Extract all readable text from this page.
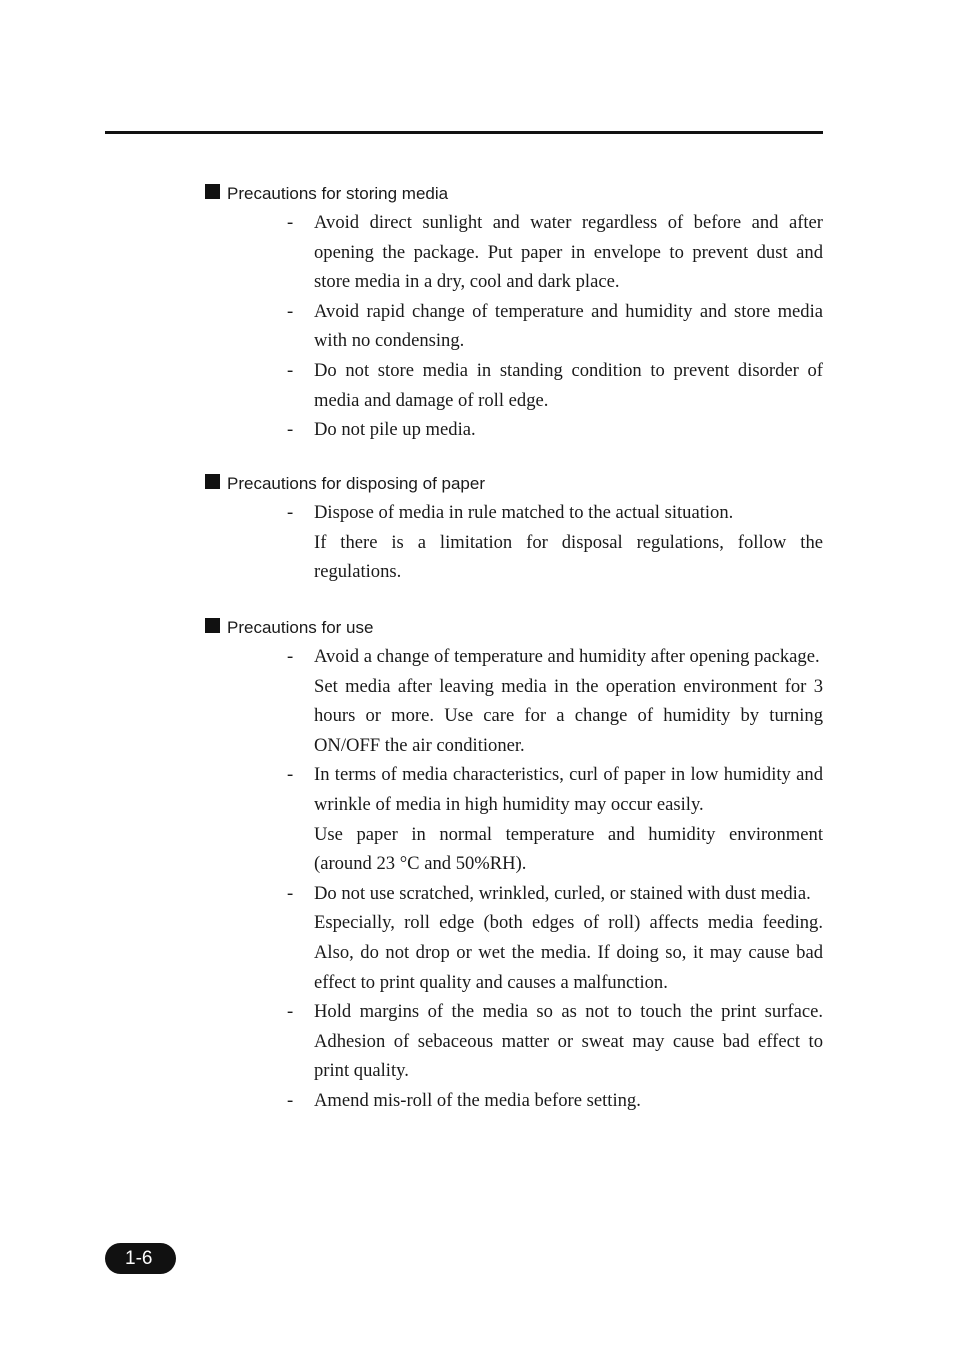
Precautions for storing media
- Avoid direct sunlight and water regardless of before and after opening the package. Put paper in envelope to prevent dust and store media in a dry, cool and dark place.

- Avoid rapid change of temperature and humidity and store media with no condensing.

- Do not store media in standing condition to prevent disorder of media and damage of roll edge.

- Do not pile up media.

Precautions for disposing of paper
- Dispose of media in rule matched to the actual situation.

If there is a limitation for disposal regulations, follow the regulations.

Precautions for use
- Avoid a change of temperature and humidity after opening package.

Set media after leaving media in the operation environment for 3 hours or more. Use care for a change of humidity by turning ON/OFF the air conditioner.

- In terms of media characteristics, curl of paper in low humidity and wrinkle of media in high humidity may occur easily.

Use paper in normal temperature and humidity environment (around 23 °C and 50%RH).

- Do not use scratched, wrinkled, curled, or stained with dust media.

Especially, roll edge (both edges of roll) affects media feeding. Also, do not drop or wet the media. If doing so, it may cause bad effect to print quality and causes a malfunction.

- Hold margins of the media so as not to touch the print surface. Adhesion of sebaceous matter or sweat may cause bad effect to print quality.

- Amend mis-roll of the media before setting.

1-6
